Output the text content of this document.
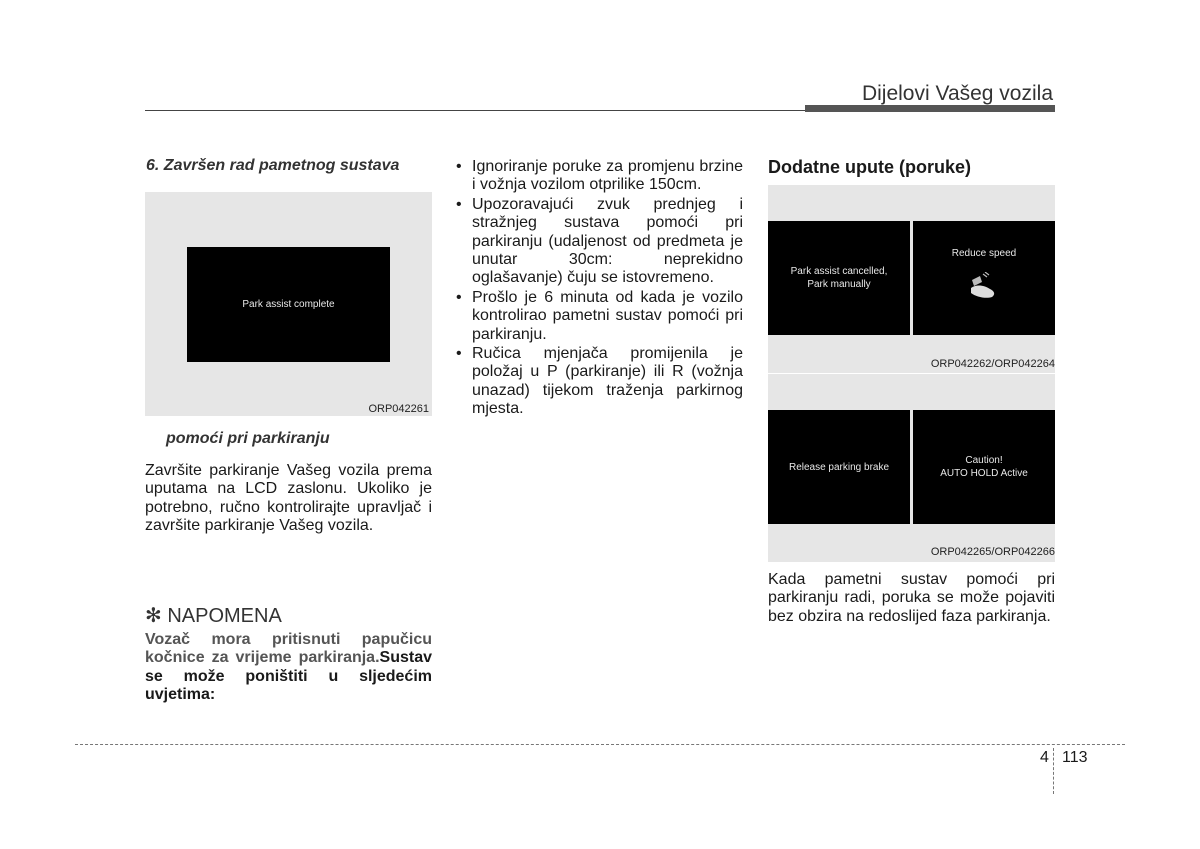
Dijelovi Vašeg vozila
6. Završen rad pametnog sustava
Park assist complete
ORP042261
pomoći pri parkiranju
Završite parkiranje Vašeg vozila prema uputama na LCD zaslonu. Ukoliko je potrebno, ručno kontrolirajte upravljač i završite parkiranje Vašeg vozila.
✻ NAPOMENA
Vozač mora pritisnuti papučicu kočnice za vrijeme parkiranja.Sustav se može poništiti u sljedećim uvjetima:
• Ignoriranje poruke za promjenu brzine i vožnja vozilom otprilike 150cm.
• Upozoravajući zvuk prednjeg i stražnjeg sustava pomoći pri parkiranju (udaljenost od predmeta je unutar 30cm: neprekidno oglašavanje) čuju se istovremeno.
• Prošlo je 6 minuta od kada je vozilo kontrolirao pametni sustav pomoći pri parkiranju.
• Ručica mjenjača promijenila je položaj u P (parkiranje) ili R (vožnja unazad) tijekom traženja parkirnog mjesta.
Dodatne upute (poruke)
Park assist cancelled,
Park manually
Reduce speed
ORP042262/ORP042264
Release parking brake
Caution!
AUTO HOLD Active
ORP042265/ORP042266
Kada pametni sustav pomoći pri parkiranju radi, poruka se može pojaviti bez obzira na redoslijed faza parkiranja.
4 113
